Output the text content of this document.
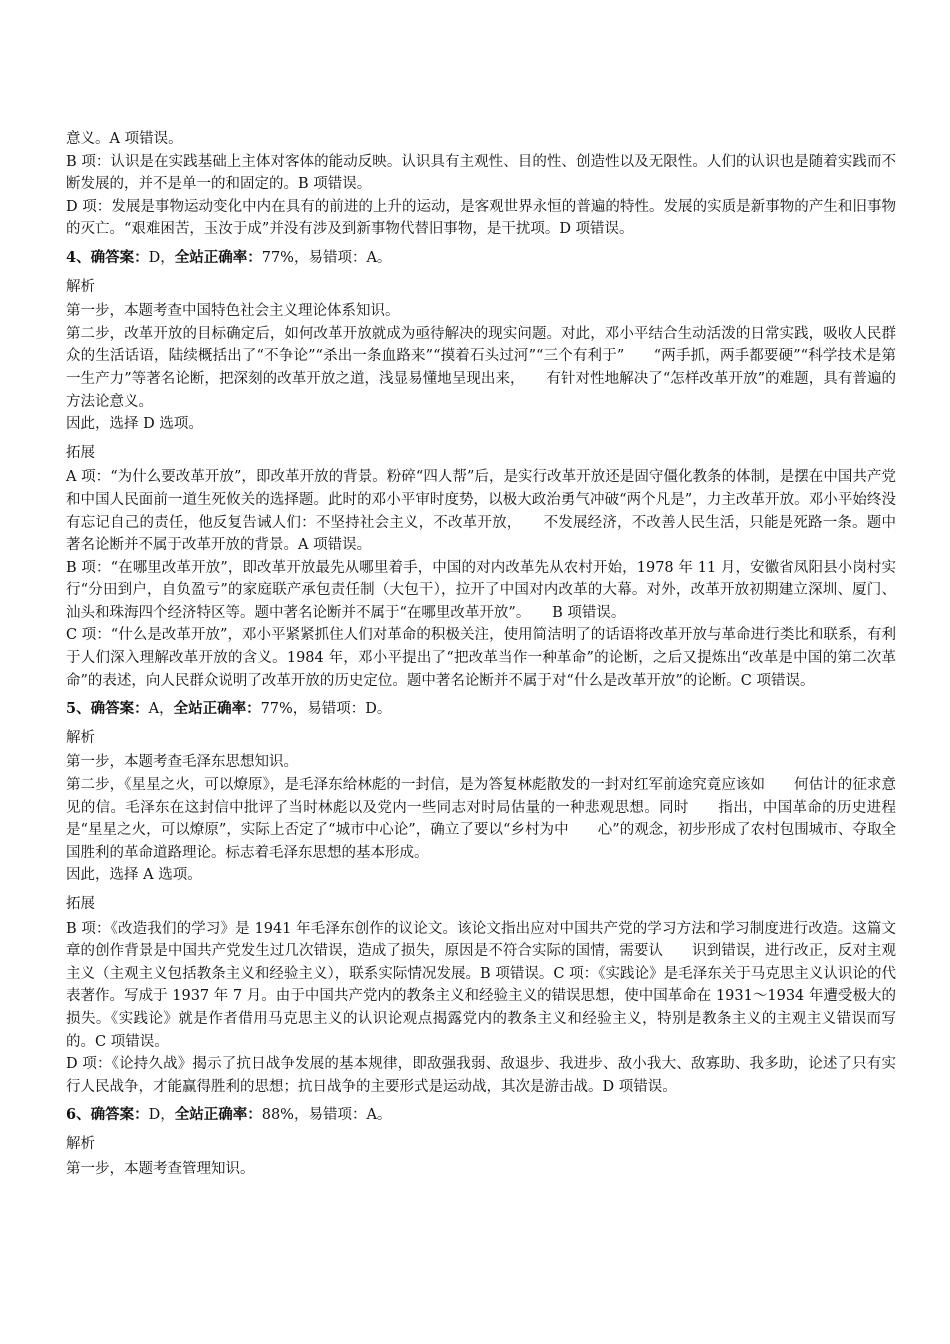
意义。A 项错误。

B 项：认识是在实践基础上主体对客体的能动反映。认识具有主观性、目的性、创造性以及无限性。人们的认识也是随着实践而不断发展的，并不是单一的和固定的。B 项错误。

D 项：发展是事物运动变化中内在具有的前进的上升的运动，是客观世界永恒的普遍的特性。发展的实质是新事物的产生和旧事物的灭亡。“艰难困苦，玉汝于成”并没有涉及到新事物代替旧事物，是干扰项。D 项错误。

4、确答案：D，全站正确率：77%，易错项：A。

解析

第一步，本题考查中国特色社会主义理论体系知识。

第二步，改革开放的目标确定后，如何改革开放就成为亟待解决的现实问题。对此，邓小平结合生动活泼的日常实践，吸收人民群众的生活话语，陆续概括出了“不争论”“杀出一条血路来”“摸着石头过河”“三个有利于”　　“两手抓，两手都要硬”“科学技术是第一生产力”等著名论断，把深刻的改革开放之道，浅显易懂地呈现出来，　　有针对性地解决了“怎样改革开放”的难题，具有普遍的方法论意义。

因此，选择 D 选项。

拓展

A 项：“为什么要改革开放”，即改革开放的背景。粉碎“四人帮”后，是实行改革开放还是固守僵化教条的体制，是摆在中国共产党和中国人民面前一道生死攸关的选择题。此时的邓小平审时度势，以极大政治勇气冲破“两个凡是”，力主改革开放。邓小平始终没有忘记自己的责任，他反复告诫人们：不坚持社会主义，不改革开放，　　不发展经济，不改善人民生活，只能是死路一条。题中著名论断并不属于改革开放的背景。A 项错误。

B 项：“在哪里改革开放”，即改革开放最先从哪里着手，中国的对内改革先从农村开始，1978 年 11 月，安徽省凤阳县小岗村实行“分田到户，自负盈亏”的家庭联产承包责任制（大包干），拉开了中国对内改革的大幕。对外，改革开放初期建立深圳、厦门、汕头和珠海四个经济特区等。题中著名论断并不属于“在哪里改革开放”。　　B 项错误。

C 项：“什么是改革开放”，邓小平紧紧抓住人们对革命的积极关注，使用简洁明了的话语将改革开放与革命进行类比和联系，有利于人们深入理解改革开放的含义。1984 年，邓小平提出了“把改革当作一种革命”的论断，之后又提炼出“改革是中国的第二次革命”的表述，向人民群众说明了改革开放的历史定位。题中著名论断并不属于对“什么是改革开放”的论断。C 项错误。

5、确答案：A，全站正确率：77%，易错项：D。

解析

第一步，本题考查毛泽东思想知识。

第二步，《星星之火，可以燎原》，是毛泽东给林彪的一封信，是为答复林彪散发的一封对红军前途究竟应该如　　何估计的征求意见的信。毛泽东在这封信中批评了当时林彪以及党内一些同志对时局估量的一种悲观思想。同时　　指出，中国革命的历史进程是“星星之火，可以燎原”，实际上否定了“城市中心论”，确立了要以“乡村为中　　心”的观念，初步形成了农村包围城市、夺取全国胜利的革命道路理论。标志着毛泽东思想的基本形成。

因此，选择 A 选项。

拓展

B 项：《改造我们的学习》是 1941 年毛泽东创作的议论文。该论文指出应对中国共产党的学习方法和学习制度进行改造。这篇文章的创作背景是中国共产党发生过几次错误，造成了损失，原因是不符合实际的国情，需要认　　识到错误，进行改正，反对主观主义（主观主义包括教条主义和经验主义），联系实际情况发展。B 项错误。C 项：《实践论》是毛泽东关于马克思主义认识论的代表著作。写成于 1937 年 7 月。由于中国共产党内的教条主义和经验主义的错误思想，使中国革命在 1931～1934 年遭受极大的损失。《实践论》就是作者借用马克思主义的认识论观点揭露党内的教条主义和经验主义，特别是教条主义的主观主义错误而写的。C 项错误。

D 项：《论持久战》揭示了抗日战争发展的基本规律，即敌强我弱、敌退步、我进步、敌小我大、敌寡助、我多助，论述了只有实行人民战争，才能赢得胜利的思想；抗日战争的主要形式是运动战，其次是游击战。D 项错误。

6、确答案：D，全站正确率：88%，易错项：A。

解析

第一步，本题考查管理知识。
